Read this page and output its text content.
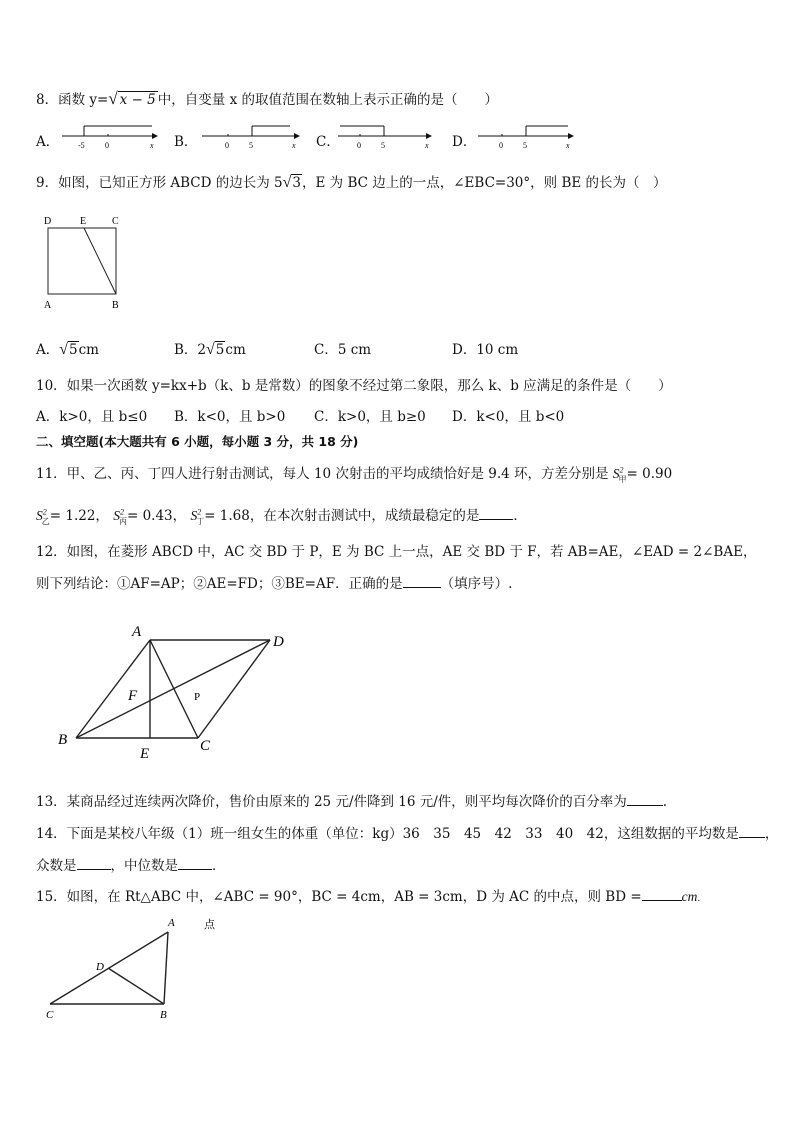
8．函数 y=√ x − 5 中，自变量 x 的取值范围在数轴上表示正确的是（　　）
A． -5	0	x B．	0	5	x C． 0	5	x D．	0	5	x
9．如图，已知正方形 ABCD 的边长为 5√3，E 为 BC 边上的一点，∠EBC=30°，则 BE 的长为（　）
D	E	C
A	B
A．√5cm	B．2√5cm	C．5 cm	D．10 cm
10．如果一次函数 y=kx+b（k、b 是常数）的图象不经过第二象限，那么 k、b 应满足的条件是（　　）
A．k>0，且 b≤0 B．k<0，且 b>0 C．k>0，且 b≥0 D．k<0，且 b<0
二、填空题(本大题共有 6 小题，每小题 3 分，共 18 分)
11．甲、乙、丙、丁四人进行射击测试，每人 10 次射击的平均成绩恰好是 9.4 环，方差分别是 $S^2_甲= 0.90$
$S^2_乙= 1.22$， $S^2_丙= 0.43$， $S^2_丁= 1.68$，在本次射击测试中，成绩最稳定的是	．
12．如图，在菱形 ABCD 中，AC 交 BD 于 P，E 为 BC 上一点，AE 交 BD 于 F，若 AB=AE，∠EAD = 2∠BAE，
则下列结论：①AF=AP；②AE=FD；③BE=AF．正确的是	（填序号）.
A
D
F	P
B
E	C
13．某商品经过连续两次降价，售价由原来的 25 元/件降到 16 元/件，则平均每次降价的百分率为	.
14．下面是某校八年级（1）班一组女生的体重（单位：kg）36　35　45　42　33　40　42，这组数据的平均数是 ，
众数是	，中位数是	．
15．如图，在 Rt△ABC 中，∠ABC = 90°，BC = 4cm，AB = 3cm，D 为 AC 的中点，则 BD =	cm.
A	点
D
C	B
